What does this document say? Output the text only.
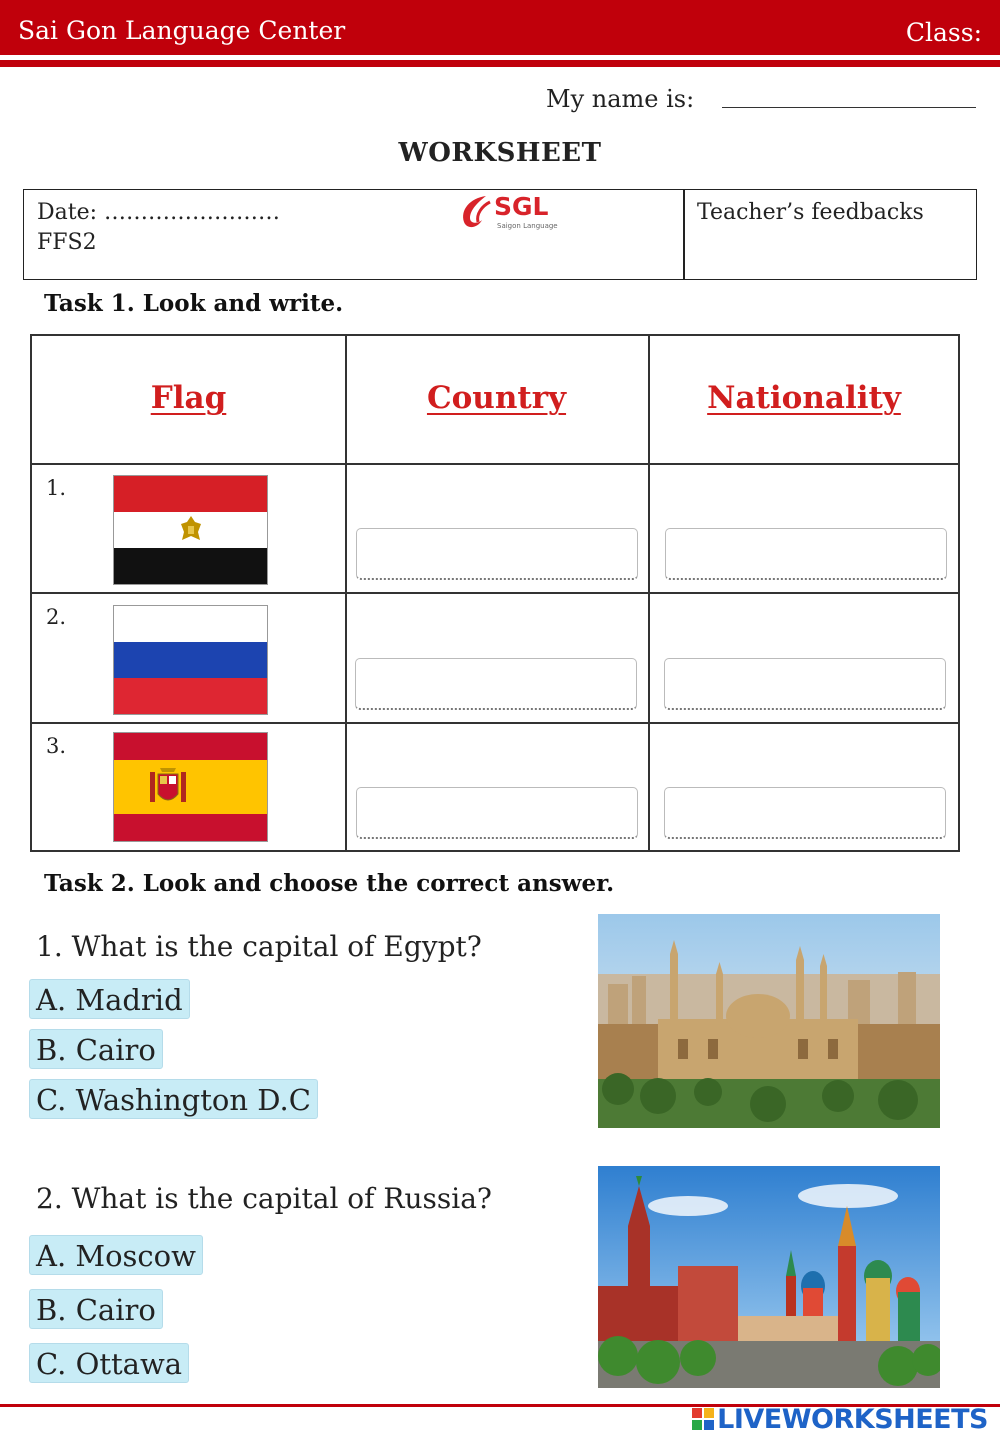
Sai Gon Language Center	Class:
My name is:
WORKSHEET
Date: ……………………
FFS2
SGL
Saigon Language
Teacher’s feedbacks
Task 1. Look and write.
Flag	Country	Nationality
1.
2.
3.
Task 2. Look and choose the correct answer.
1. What is the capital of Egypt?
A. Madrid
B. Cairo
C. Washington D.C
2. What is the capital of Russia?
A. Moscow
B. Cairo
C. Ottawa
LIVEWORKSHEETS
